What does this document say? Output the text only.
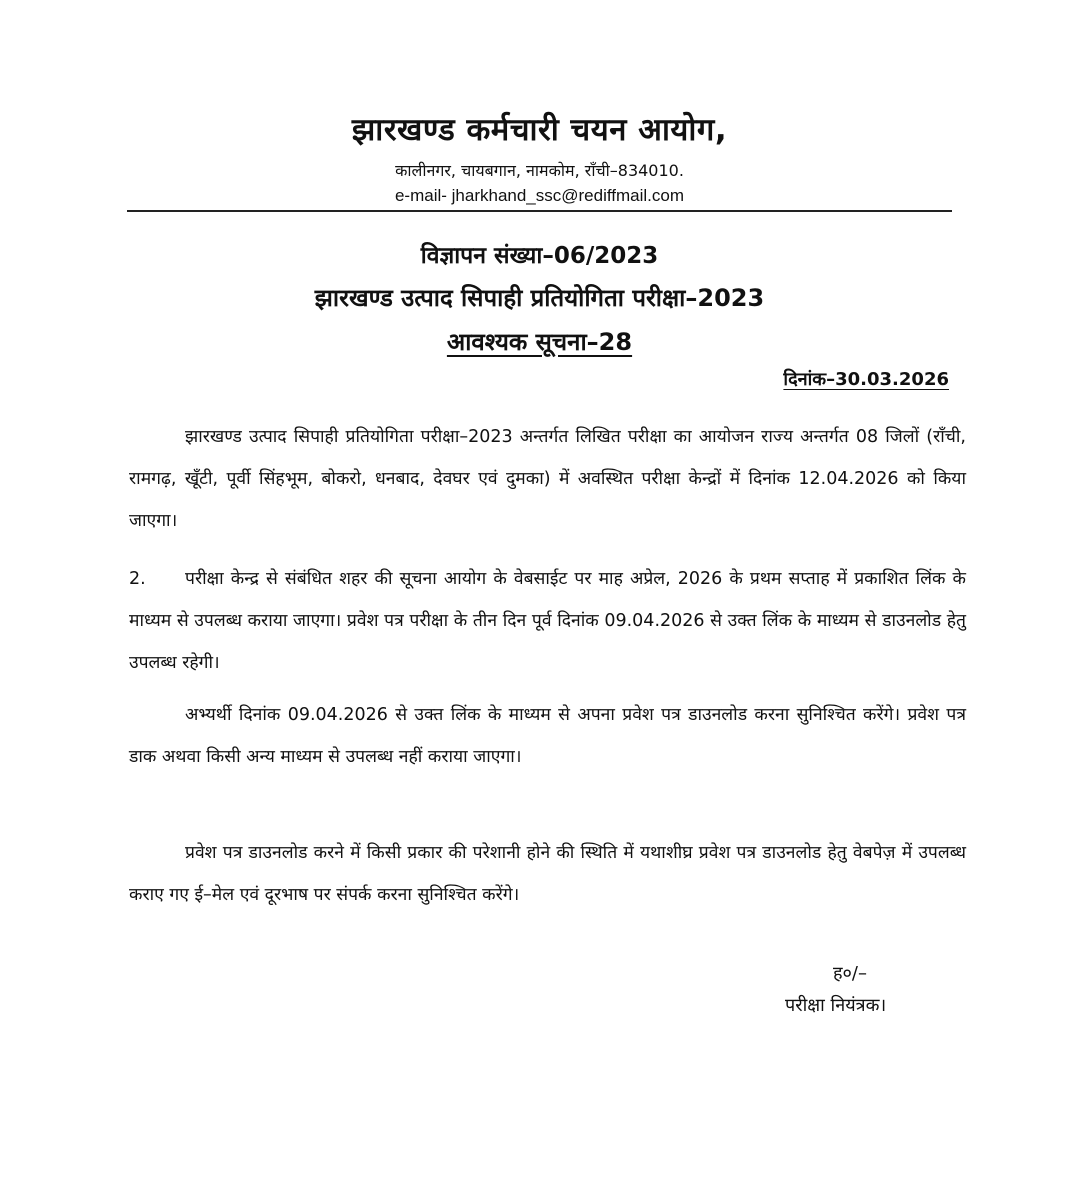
झारखण्ड कर्मचारी चयन आयोग,
कालीनगर, चायबगान, नामकोम, राँची–834010.
e-mail- jharkhand_ssc@rediffmail.com
विज्ञापन संख्या–06/2023
झारखण्ड उत्पाद सिपाही प्रतियोगिता परीक्षा–2023
आवश्यक सूचना–28
दिनांक–30.03.2026

झारखण्ड उत्पाद सिपाही प्रतियोगिता परीक्षा–2023 अन्तर्गत लिखित परीक्षा का आयोजन राज्य अन्तर्गत 08 जिलों (राँची, रामगढ़, खूँटी, पूर्वी सिंहभूम, बोकरो, धनबाद, देवघर एवं दुमका) में अवस्थित परीक्षा केन्द्रों में दिनांक 12.04.2026 को किया जाएगा।

2. परीक्षा केन्द्र से संबंधित शहर की सूचना आयोग के वेबसाईट पर माह अप्रेल, 2026 के प्रथम सप्ताह में प्रकाशित लिंक के माध्यम से उपलब्ध कराया जाएगा। प्रवेश पत्र परीक्षा के तीन दिन पूर्व दिनांक 09.04.2026 से उक्त लिंक के माध्यम से डाउनलोड हेतु उपलब्ध रहेगी।

अभ्यर्थी दिनांक 09.04.2026 से उक्त लिंक के माध्यम से अपना प्रवेश पत्र डाउनलोड करना सुनिश्चित करेंगे। प्रवेश पत्र डाक अथवा किसी अन्य माध्यम से उपलब्ध नहीं कराया जाएगा।

प्रवेश पत्र डाउनलोड करने में किसी प्रकार की परेशानी होने की स्थिति में यथाशीघ्र प्रवेश पत्र डाउनलोड हेतु वेबपेज़ में उपलब्ध कराए गए ई–मेल एवं दूरभाष पर संपर्क करना सुनिश्चित करेंगे।

ह०/–
परीक्षा नियंत्रक।
